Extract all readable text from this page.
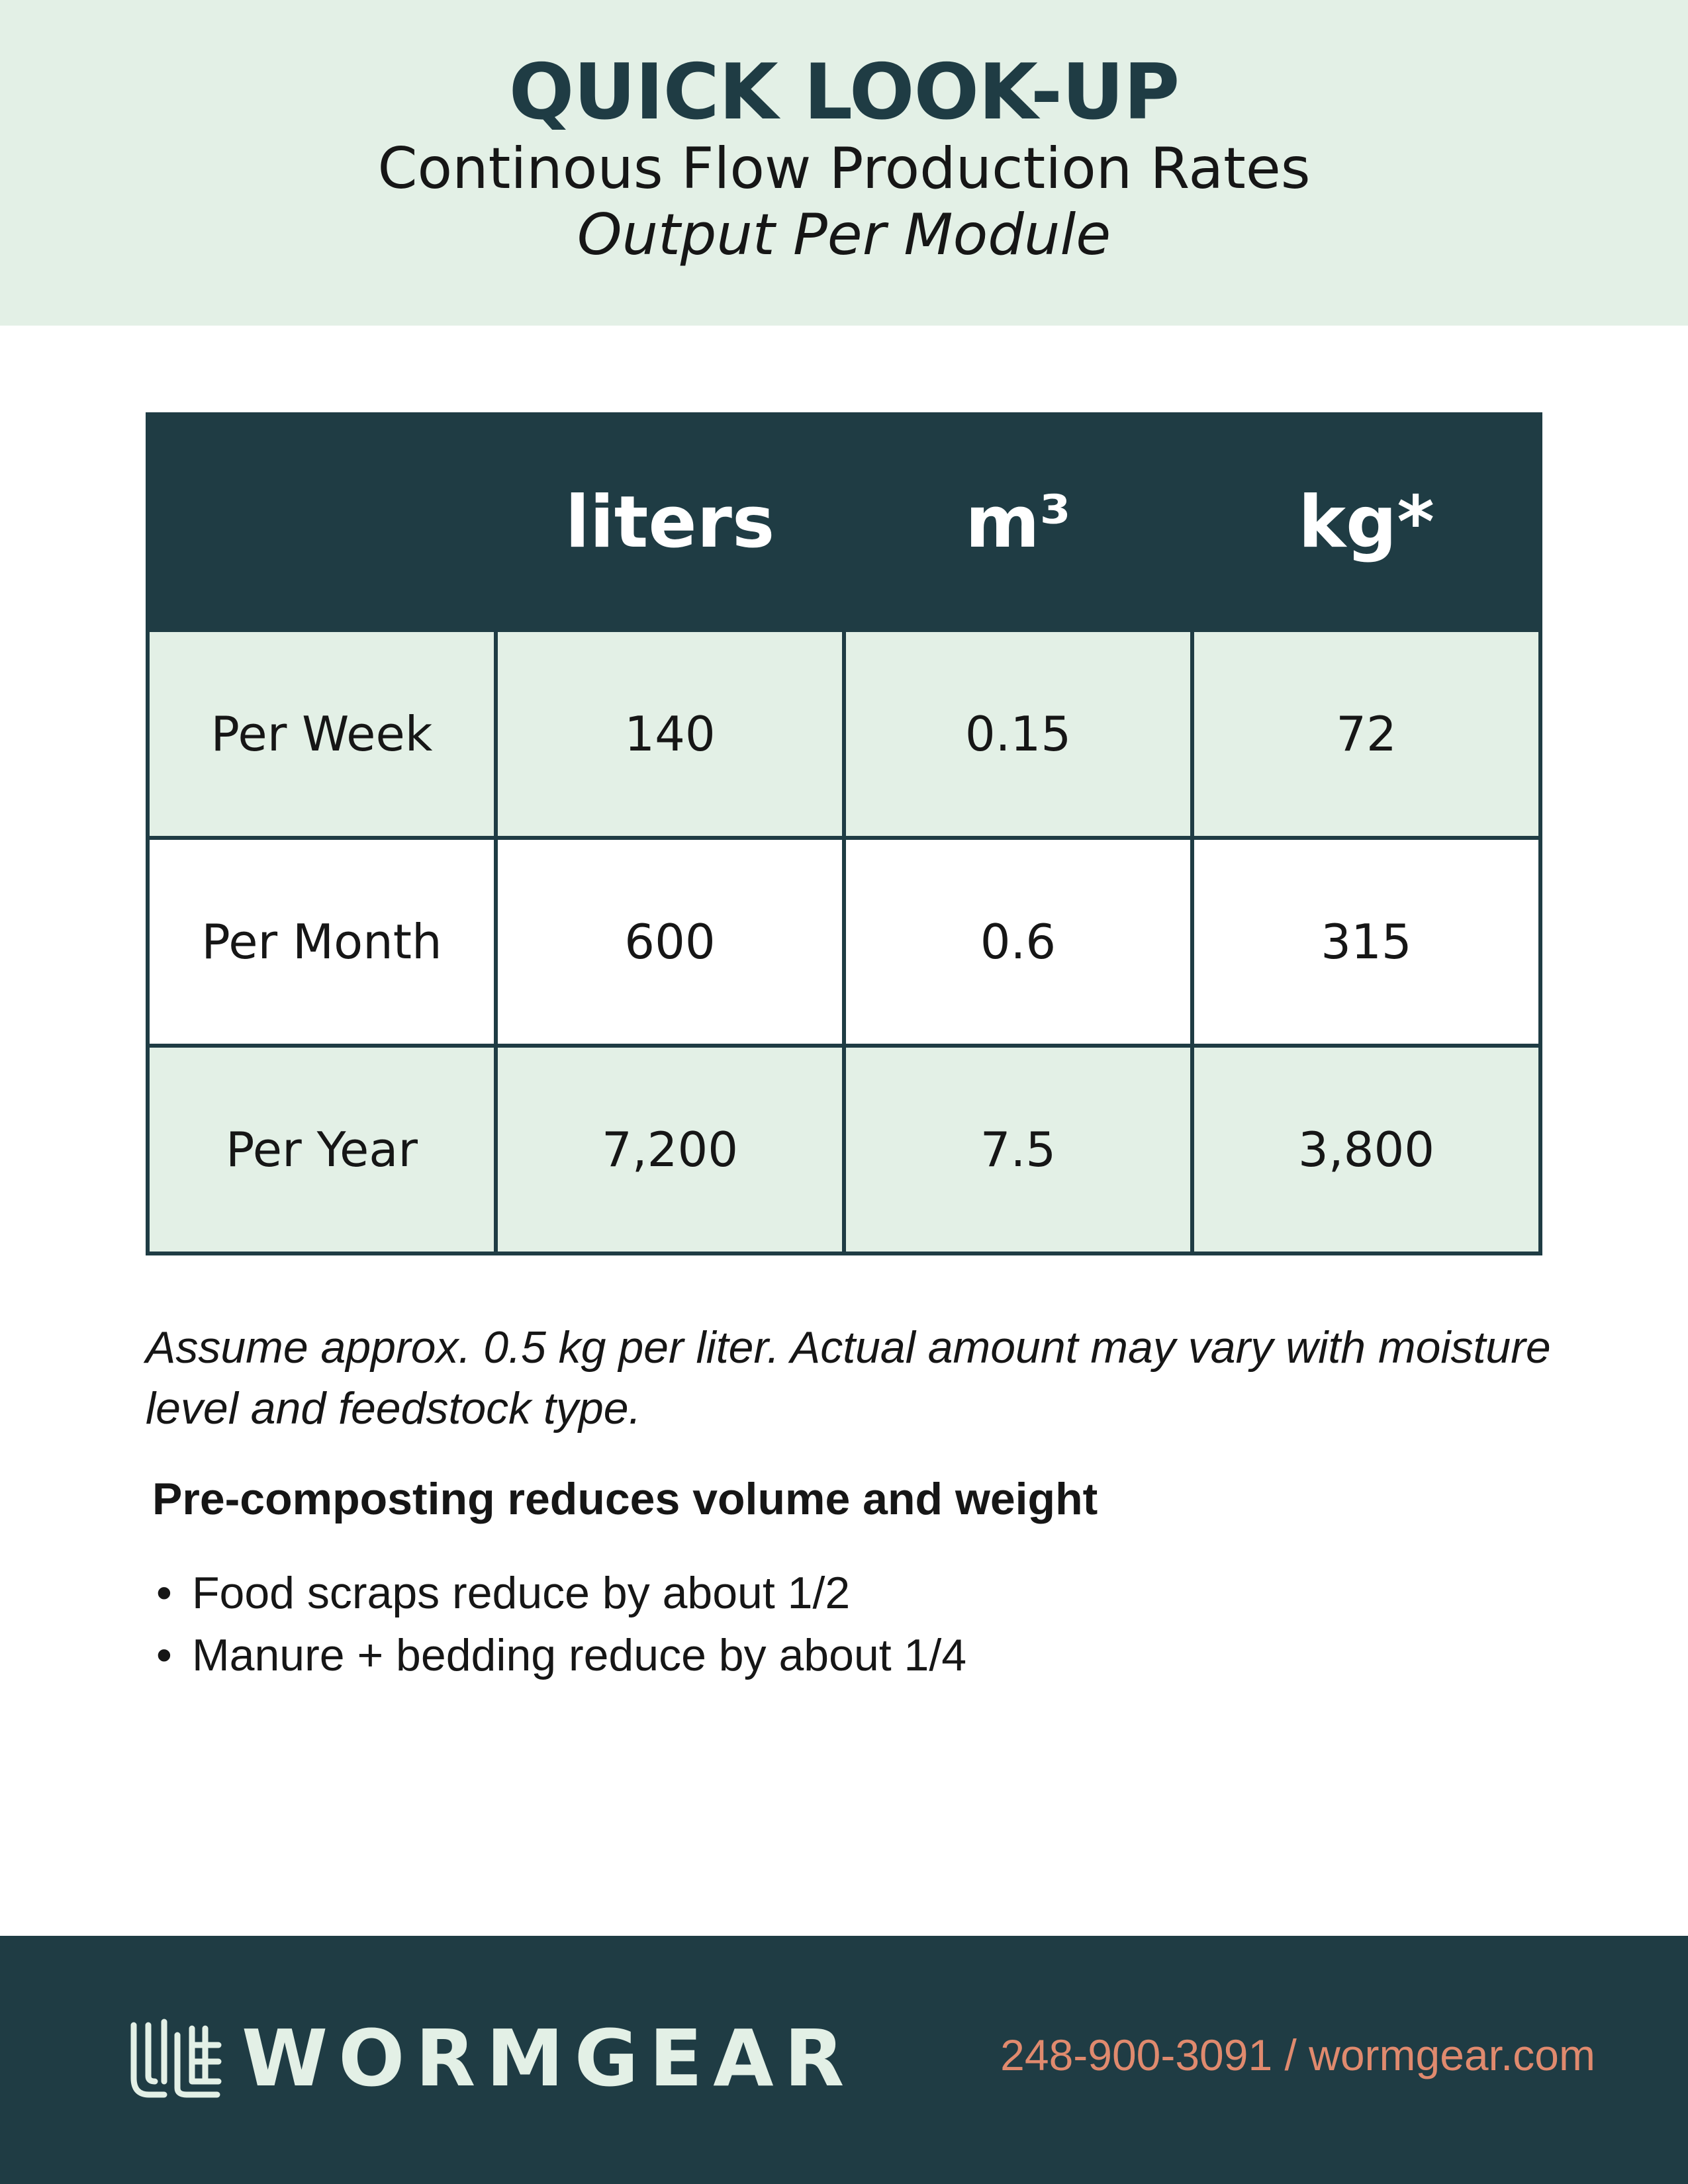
QUICK LOOK-UP
Continous Flow Production Rates
Output Per Module
	liters	m³	kg*
Per Week	140	0.15	72
Per Month	600	0.6	315
Per Year	7,200	7.5	3,800
Assume approx. 0.5 kg per liter. Actual amount may vary with moisture level and feedstock type.
Pre-composting reduces volume and weight
• Food scraps reduce by about 1/2
• Manure + bedding reduce by about 1/4
WORMGEAR	248-900-3091 / wormgear.com
